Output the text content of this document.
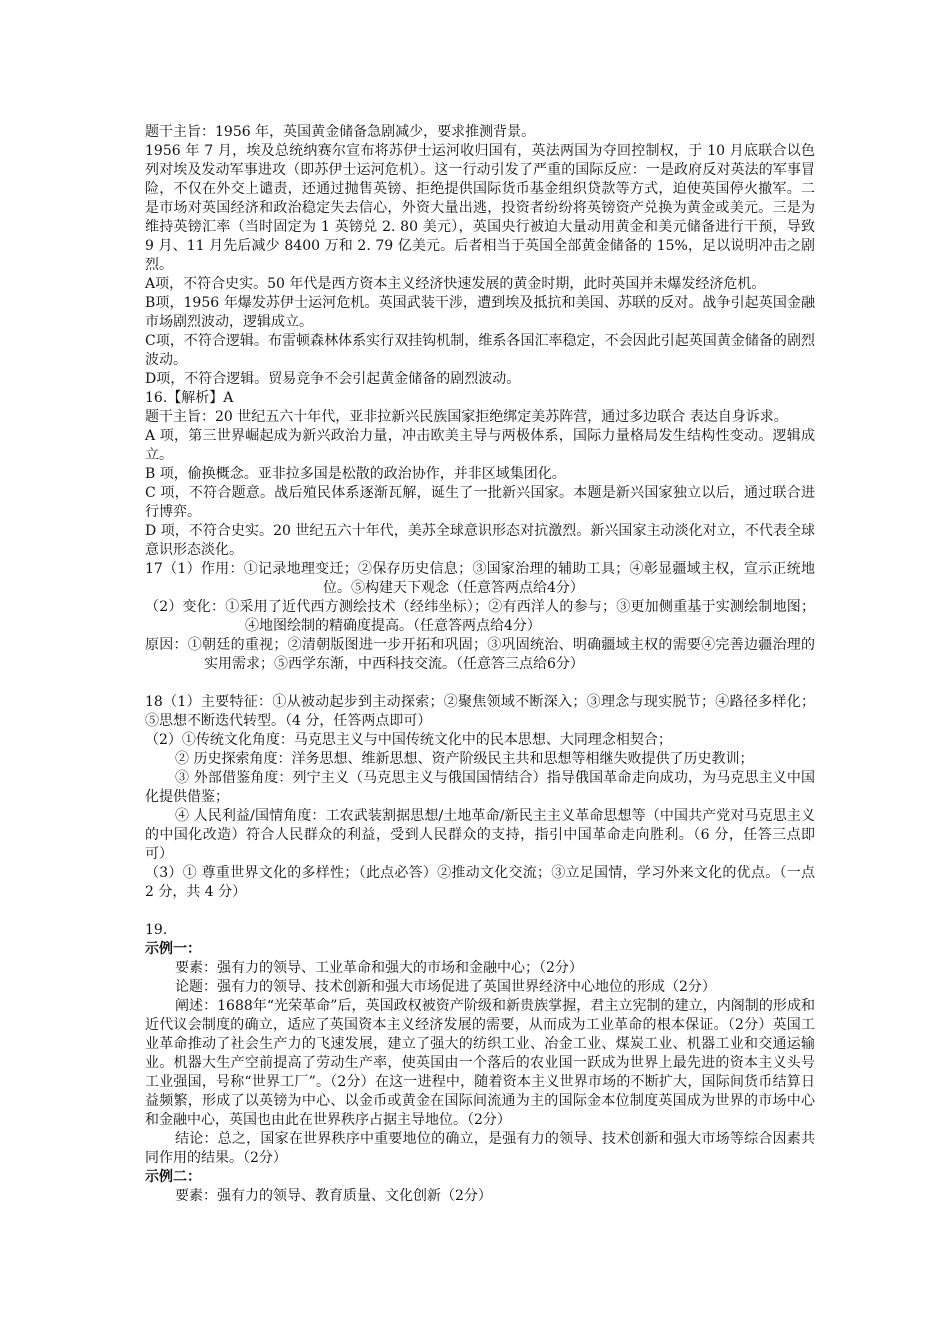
题干主旨：1956 年，英国黄金储备急剧减少，要求推测背景。

1956 年 7 月，埃及总统纳赛尔宣布将苏伊士运河收归国有，英法两国为夺回控制权，于 10 月底联合以色列对埃及发动军事进攻（即苏伊士运河危机）。这一行动引发了严重的国际反应：一是政府反对英法的军事冒险，不仅在外交上谴责，还通过抛售英镑、拒绝提供国际货币基金组织贷款等方式，迫使英国停火撤军。二是市场对英国经济和政治稳定失去信心，外资大量出逃，投资者纷纷将英镑资产兑换为黄金或美元。三是为维持英镑汇率（当时固定为 1 英镑兑 2. 80 美元），英国央行被迫大量动用黄金和美元储备进行干预，导致 9 月、11 月先后减少 8400 万和 2. 79 亿美元。后者相当于英国全部黄金储备的 15%，足以说明冲击之剧烈。

A项，不符合史实。50 年代是西方资本主义经济快速发展的黄金时期，此时英国并未爆发经济危机。

B项，1956 年爆发苏伊士运河危机。英国武装干涉，遭到埃及抵抗和美国、苏联的反对。战争引起英国金融市场剧烈波动，逻辑成立。

C项，不符合逻辑。布雷顿森林体系实行双挂钩机制，维系各国汇率稳定，不会因此引起英国黄金储备的剧烈波动。

D项，不符合逻辑。贸易竞争不会引起黄金储备的剧烈波动。

16.【解析】A

题干主旨：20 世纪五六十年代，亚非拉新兴民族国家拒绝绑定美苏阵营，通过多边联合 表达自身诉求。

A 项，第三世界崛起成为新兴政治力量，冲击欧美主导与两极体系，国际力量格局发生结构性变动。逻辑成立。

B 项，偷换概念。亚非拉多国是松散的政治协作，并非区域集团化。

C 项，不符合题意。战后殖民体系逐渐瓦解，诞生了一批新兴国家。本题是新兴国家独立以后，通过联合进行博弈。

D 项，不符合史实。20 世纪五六十年代，美苏全球意识形态对抗激烈。新兴国家主动淡化对立，不代表全球意识形态淡化。

17（1）作用：①记录地理变迁；②保存历史信息；③国家治理的辅助工具；④彰显疆域主权，宣示正统地位。⑤构建天下观念（任意答两点给4分）

（2）变化：①采用了近代西方测绘技术（经纬坐标）；②有西洋人的参与；③更加侧重基于实测绘制地图；④地图绘制的精确度提高。（任意答两点给4分）

原因：①朝廷的重视；②清朝版图进一步开拓和巩固；③巩固统治、明确疆域主权的需要④完善边疆治理的实用需求；⑤西学东渐，中西科技交流。（任意答三点给6分）

18（1）主要特征：①从被动起步到主动探索；②聚焦领域不断深入；③理念与现实脱节；④路径多样化；⑤思想不断迭代转型。（4 分，任答两点即可）

（2）①传统文化角度：马克思主义与中国传统文化中的民本思想、大同理念相契合；

② 历史探索角度：洋务思想、维新思想、资产阶级民主共和思想等相继失败提供了历史教训；

③ 外部借鉴角度：列宁主义（马克思主义与俄国国情结合）指导俄国革命走向成功，为马克思主义中国化提供借鉴；

④ 人民利益/国情角度：工农武装割据思想/土地革命/新民主主义革命思想等（中国共产党对马克思主义的中国化改造）符合人民群众的利益，受到人民群众的支持，指引中国革命走向胜利。（6 分，任答三点即可）

（3）① 尊重世界文化的多样性；（此点必答）②推动文化交流；③立足国情，学习外来文化的优点。（一点 2 分，共 4 分）

19.

示例一：

要素：强有力的领导、工业革命和强大的市场和金融中心；（2分）

论题：强有力的领导、技术创新和强大市场促进了英国世界经济中心地位的形成（2分）

阐述：1688年“光荣革命”后，英国政权被资产阶级和新贵族掌握，君主立宪制的建立，内阁制的形成和近代议会制度的确立，适应了英国资本主义经济发展的需要，从而成为工业革命的根本保证。（2分）英国工业革命推动了社会生产力的飞速发展，建立了强大的纺织工业、冶金工业、煤炭工业、机器工业和交通运输业。机器大生产空前提高了劳动生产率，使英国由一个落后的农业国一跃成为世界上最先进的资本主义头号工业强国，号称“世界工厂”。（2分）在这一进程中，随着资本主义世界市场的不断扩大，国际间货币结算日益频繁，形成了以英镑为中心、以金币或黄金在国际间流通为主的国际金本位制度英国成为世界的市场中心和金融中心，英国也由此在世界秩序占据主导地位。（2分）

结论：总之，国家在世界秩序中重要地位的确立，是强有力的领导、技术创新和强大市场等综合因素共同作用的结果。（2分）

示例二：

要素：强有力的领导、教育质量、文化创新（2分）
